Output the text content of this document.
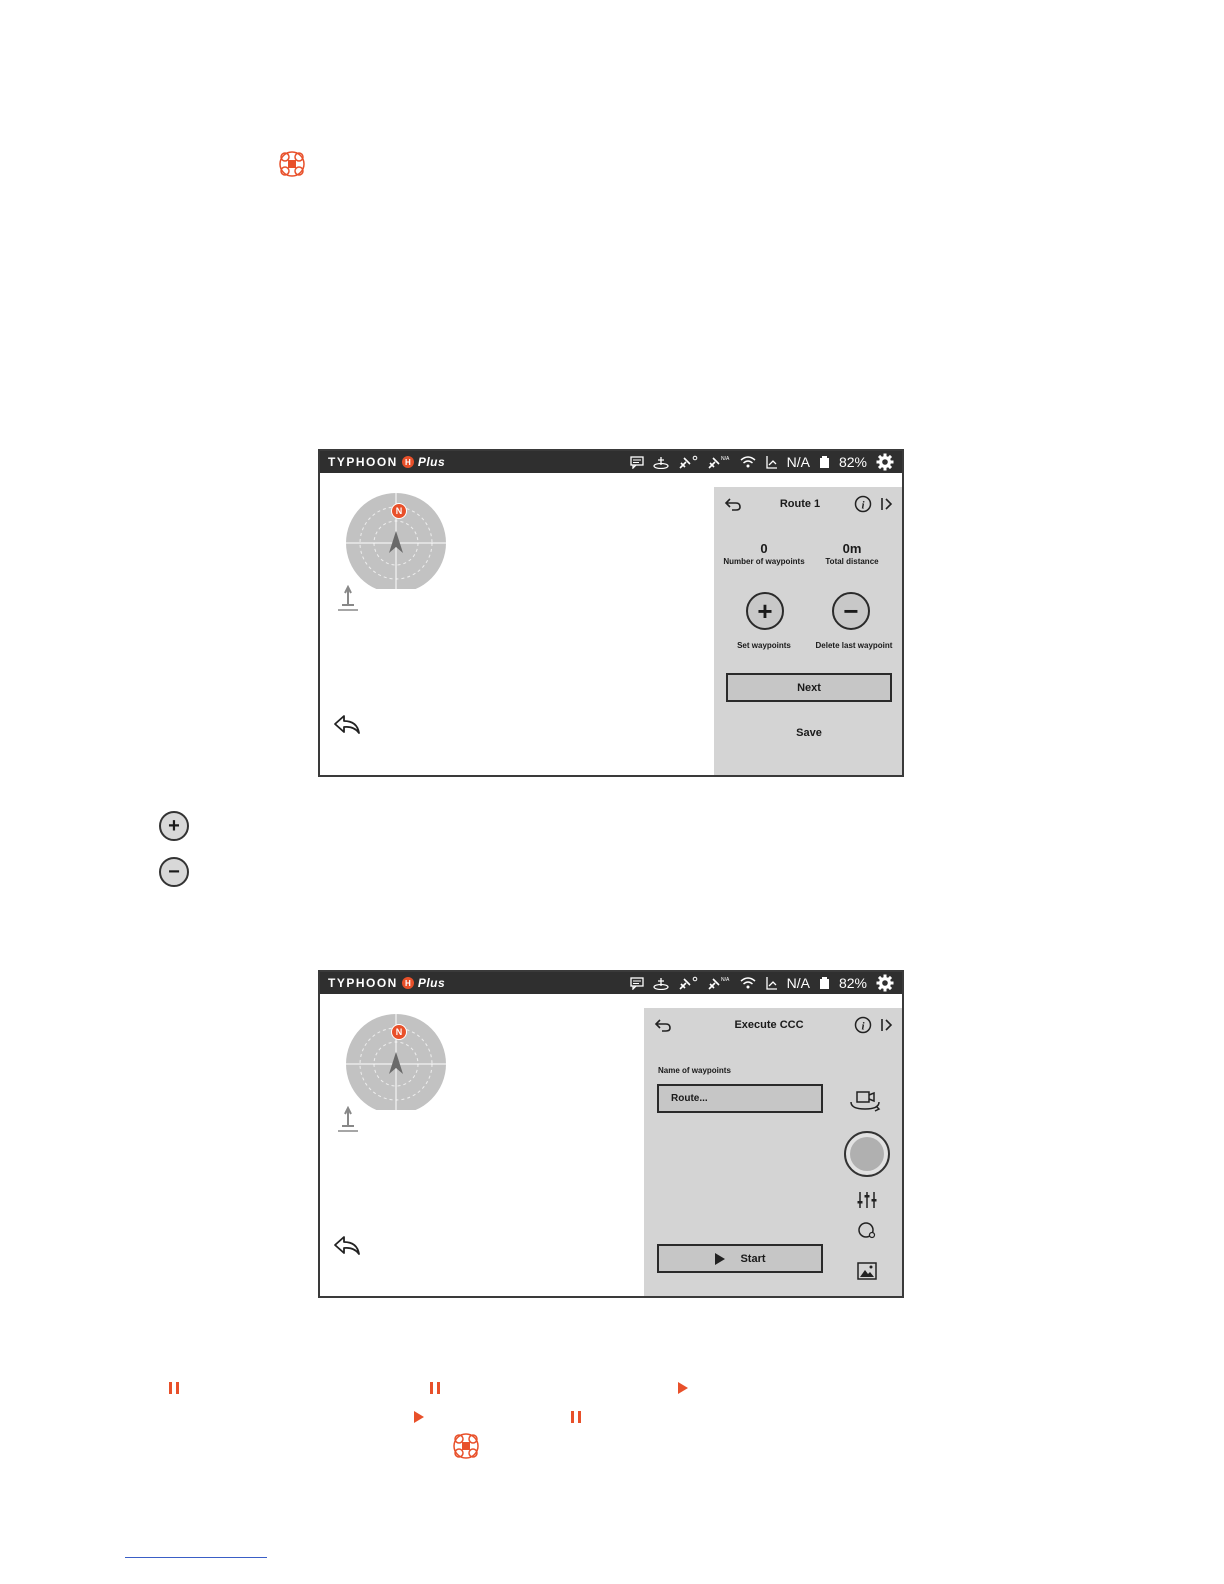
TYPHOON H Plus	N/A	N/A 82%
N
Route 1	i
0
Number of waypoints
0m
Total distance
+	−
Set waypoints	Delete last waypoint
Next
Save
+
−
TYPHOON H Plus	N/A	N/A 82%
N
Execute CCC	i
Name of waypoints
Route...
Start
